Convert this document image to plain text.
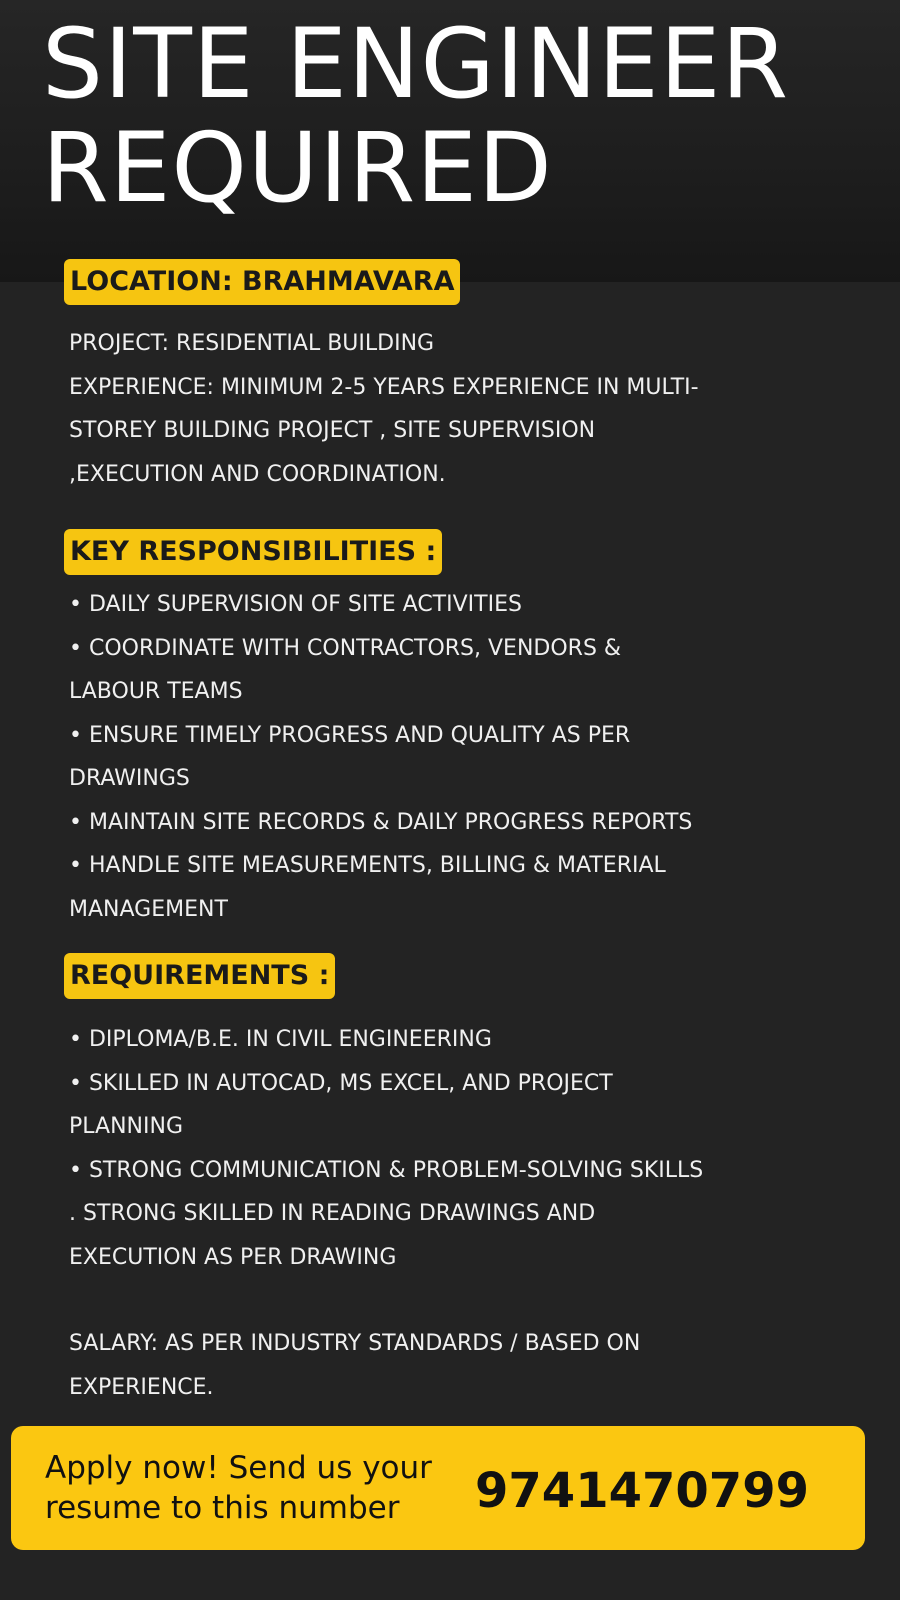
SITE ENGINEER
REQUIRED
LOCATION: BRAHMAVARA
PROJECT: RESIDENTIAL BUILDING
EXPERIENCE: MINIMUM 2-5 YEARS EXPERIENCE IN MULTI-
STOREY BUILDING PROJECT , SITE SUPERVISION
,EXECUTION AND COORDINATION.
KEY RESPONSIBILITIES :
• DAILY SUPERVISION OF SITE ACTIVITIES
• COORDINATE WITH CONTRACTORS, VENDORS &
LABOUR TEAMS
• ENSURE TIMELY PROGRESS AND QUALITY AS PER
DRAWINGS
• MAINTAIN SITE RECORDS & DAILY PROGRESS REPORTS
• HANDLE SITE MEASUREMENTS, BILLING & MATERIAL
MANAGEMENT
REQUIREMENTS :
• DIPLOMA/B.E. IN CIVIL ENGINEERING
• SKILLED IN AUTOCAD, MS EXCEL, AND PROJECT
PLANNING
• STRONG COMMUNICATION & PROBLEM-SOLVING SKILLS
. STRONG SKILLED IN READING DRAWINGS AND
EXECUTION AS PER DRAWING
SALARY: AS PER INDUSTRY STANDARDS / BASED ON
EXPERIENCE.
Apply now! Send us your
resume to this number	9741470799
